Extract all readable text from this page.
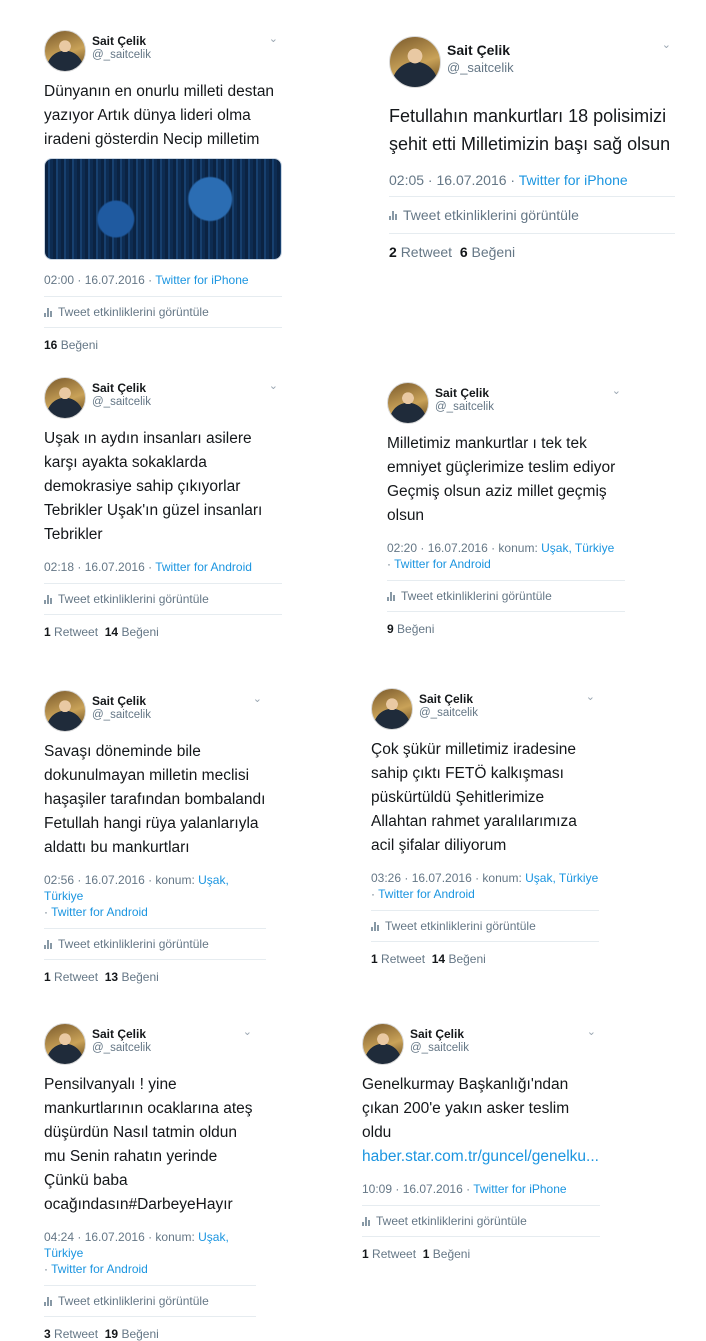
Sait Çelik
@_saitcelik
⌄
Dünyanın en onurlu milleti destan yazıyor Artık dünya lideri olma iradeni gösterdin Necip milletim
02:00 · 16.07.2016 · Twitter for iPhone
Tweet etkinliklerini görüntüle
16 Beğeni
Sait Çelik
@_saitcelik
⌄
Fetullahın mankurtları 18 polisimizi şehit etti Milletimizin başı sağ olsun
02:05 · 16.07.2016 · Twitter for iPhone
Tweet etkinliklerini görüntüle
2 Retweet 6 Beğeni
Sait Çelik
@_saitcelik
⌄
Uşak ın aydın insanları asilere karşı ayakta sokaklarda demokrasiye sahip çıkıyorlar Tebrikler Uşak'ın güzel insanları Tebrikler
02:18 · 16.07.2016 · Twitter for Android
Tweet etkinliklerini görüntüle
1 Retweet 14 Beğeni
Sait Çelik
@_saitcelik
⌄
Milletimiz mankurtlar ı tek tek emniyet güçlerimize teslim ediyor Geçmiş olsun aziz millet geçmiş olsun
02:20 · 16.07.2016 · konum: Uşak, Türkiye
· Twitter for Android
Tweet etkinliklerini görüntüle
9 Beğeni
Sait Çelik
@_saitcelik
⌄
Savaşı döneminde bile dokunulmayan milletin meclisi haşaşiler tarafından bombalandı Fetullah hangi rüya yalanlarıyla aldattı bu mankurtları
02:56 · 16.07.2016 · konum: Uşak, Türkiye
· Twitter for Android
Tweet etkinliklerini görüntüle
1 Retweet 13 Beğeni
Sait Çelik
@_saitcelik
⌄
Çok şükür milletimiz iradesine sahip çıktı FETÖ kalkışması püskürtüldü Şehitlerimize Allahtan rahmet yaralılarımıza acil şifalar diliyorum
03:26 · 16.07.2016 · konum: Uşak, Türkiye
· Twitter for Android
Tweet etkinliklerini görüntüle
1 Retweet 14 Beğeni
Sait Çelik
@_saitcelik
⌄
Pensilvanyalı ! yine mankurtlarının ocaklarına ateş düşürdün Nasıl tatmin oldun mu Senin rahatın yerinde Çünkü baba ocağındasın#DarbeyeHayır
04:24 · 16.07.2016 · konum: Uşak, Türkiye
· Twitter for Android
Tweet etkinliklerini görüntüle
3 Retweet 19 Beğeni
Sait Çelik
@_saitcelik
⌄
Genelkurmay Başkanlığı'ndan çıkan 200'e yakın asker teslim oldu haber.star.com.tr/guncel/genelku...
10:09 · 16.07.2016 · Twitter for iPhone
Tweet etkinliklerini görüntüle
1 Retweet 1 Beğeni
